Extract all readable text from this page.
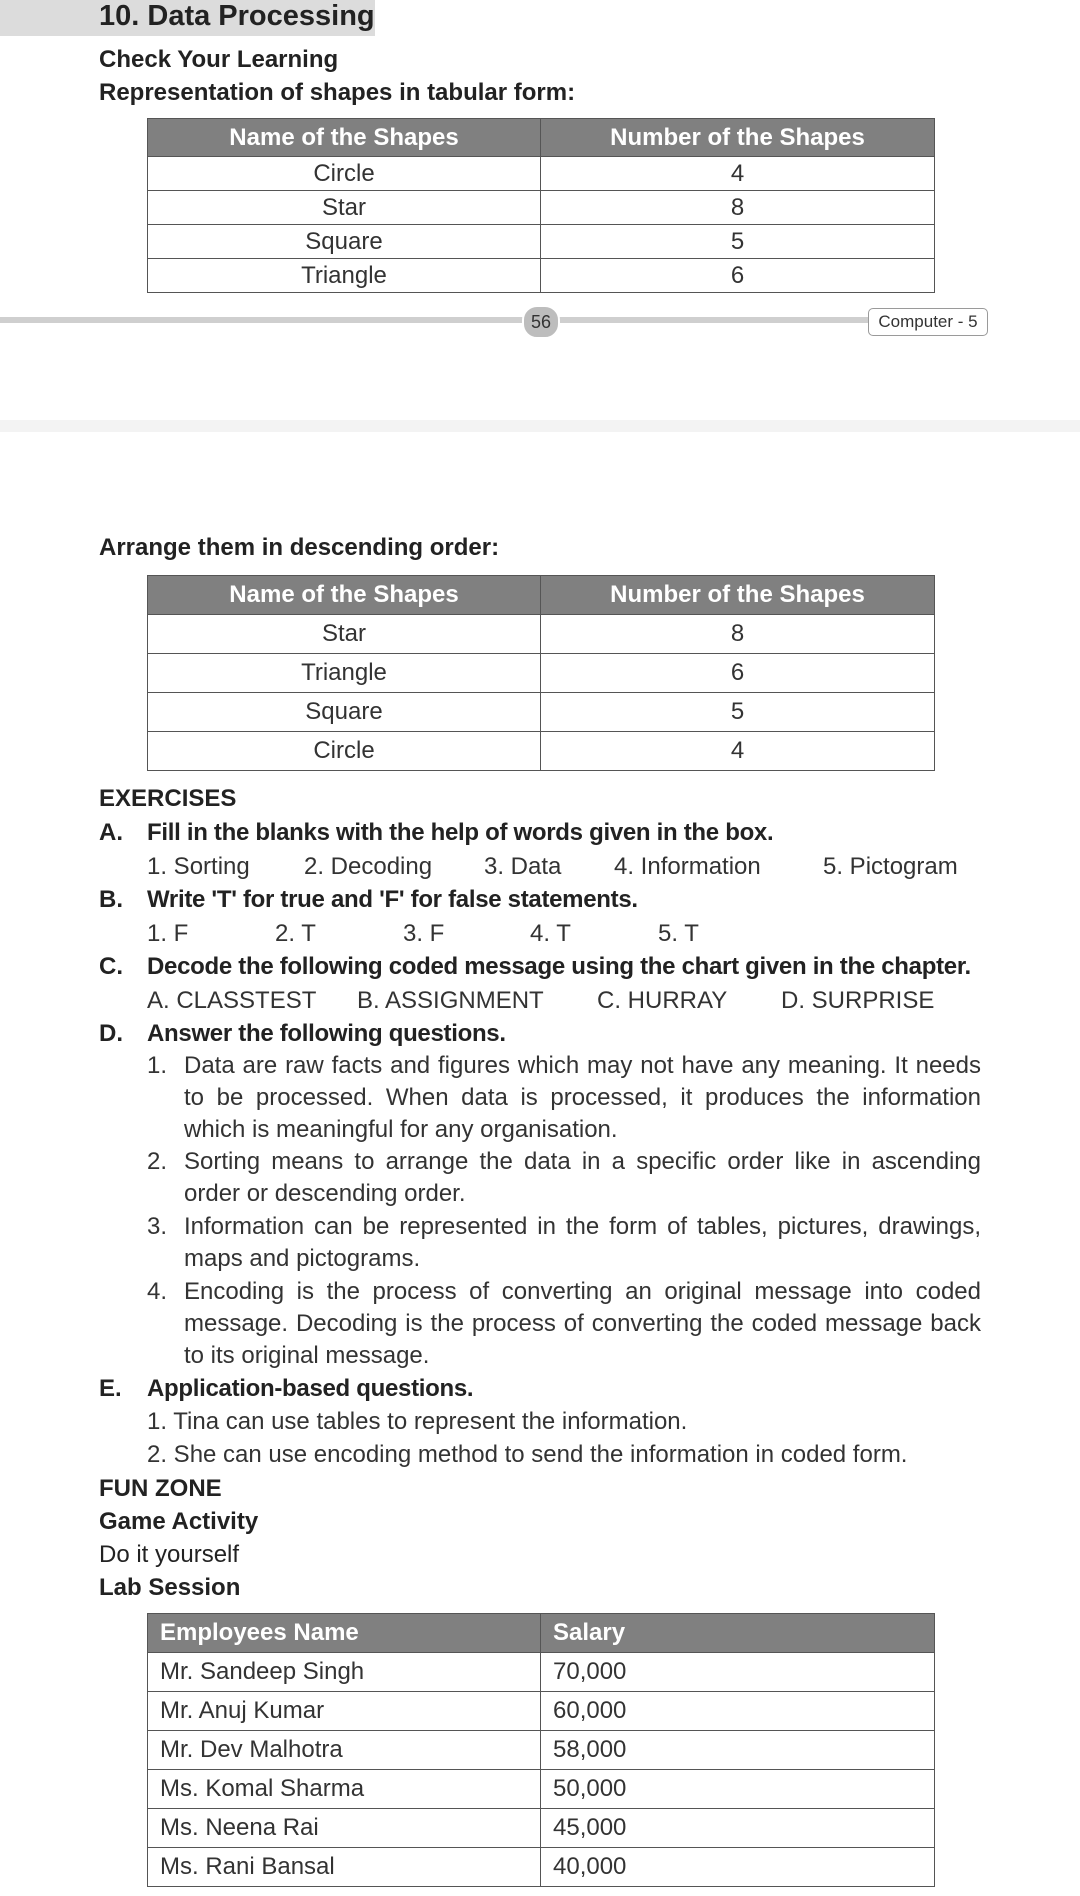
10. Data Processing
Check Your Learning
Representation of shapes in tabular form:
Name of the Shapes	Number of the Shapes
Circle	4
Star	8
Square	5
Triangle	6
56	Computer - 5
Arrange them in descending order:
Name of the Shapes	Number of the Shapes
Star	8
Triangle	6
Square	5
Circle	4
EXERCISES
A. Fill in the blanks with the help of words given in the box.
1. Sorting 2. Decoding 3. Data 4. Information	5. Pictogram
B. Write 'T' for true and 'F' for false statements.
1. F	2. T	3. F	4. T	5. T
C. Decode the following coded message using the chart given in the chapter.
A. CLASSTEST B. ASSIGNMENT C. HURRAY D. SURPRISE
D. Answer the following questions.
1. Data are raw facts and figures which may not have any meaning. It needs to be processed. When data is processed, it produces the information which is meaningful for any organisation.
2. Sorting means to arrange the data in a specific order like in ascending order or descending order.
3. Information can be represented in the form of tables, pictures, drawings, maps and pictograms.
4. Encoding is the process of converting an original message into coded message. Decoding is the process of converting the coded message back to its original message.
E. Application-based questions.
1. Tina can use tables to represent the information.
2. She can use encoding method to send the information in coded form.
FUN ZONE
Game Activity
Do it yourself
Lab Session
Employees Name	Salary
Mr. Sandeep Singh	70,000
Mr. Anuj Kumar	60,000
Mr. Dev Malhotra	58,000
Ms. Komal Sharma	50,000
Ms. Neena Rai	45,000
Ms. Rani Bansal	40,000
